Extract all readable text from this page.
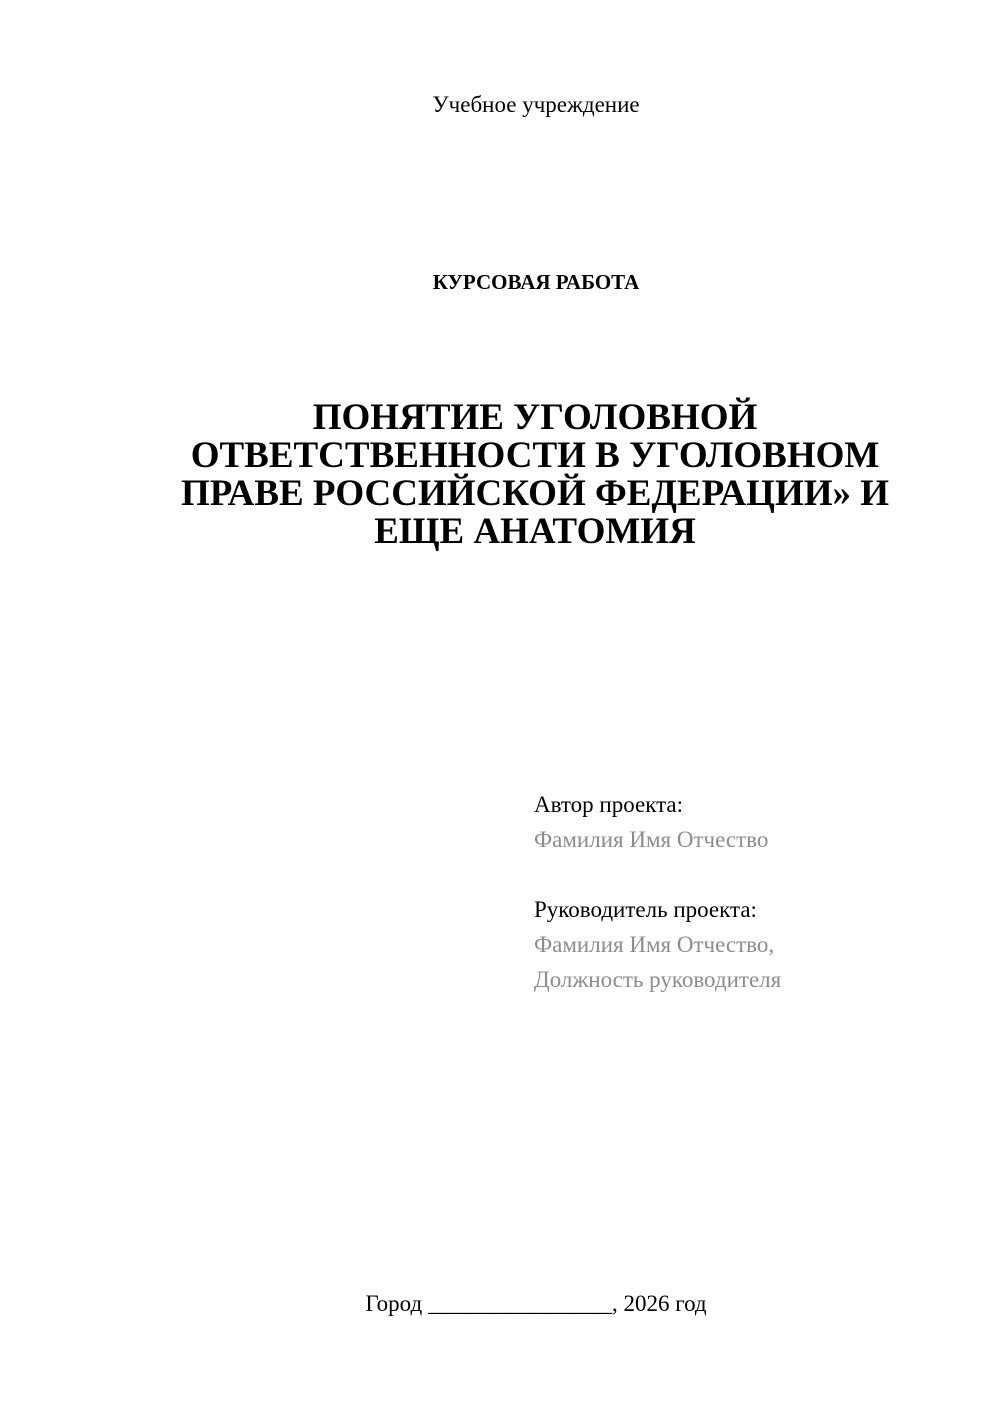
Учебное учреждение
КУРСОВАЯ РАБОТА
ПОНЯТИЕ УГОЛОВНОЙ
ОТВЕТСТВЕННОСТИ В УГОЛОВНОМ
ПРАВЕ РОССИЙСКОЙ ФЕДЕРАЦИИ» И
ЕЩЕ АНАТОМИЯ
Автор проекта:
Фамилия Имя Отчество
Руководитель проекта:
Фамилия Имя Отчество,
Должность руководителя
Город ________________, 2026 год
